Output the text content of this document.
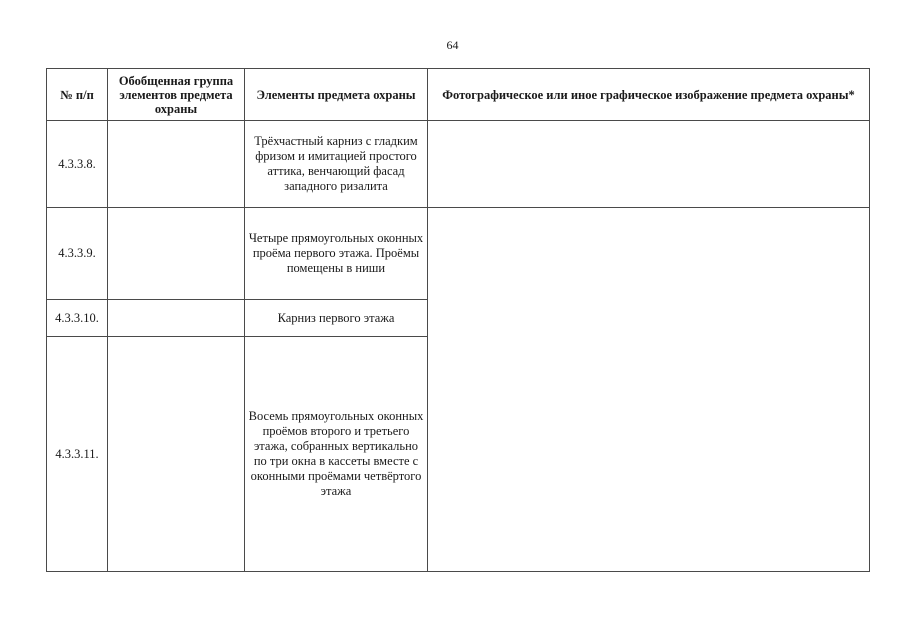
64
№ п/п	Обобщенная группа элементов предмета охраны	Элементы предмета охраны	Фотографическое или иное графическое изображение предмета охраны*
4.3.3.8.		Трёхчастный карниз с гладким фризом и имитацией простого аттика, венчающий фасад западного ризалита	
4.3.3.9.		Четыре прямоугольных оконных проёма первого этажа. Проёмы помещены в ниши	
4.3.3.10.		Карниз первого этажа	
4.3.3.11.		Восемь прямоугольных оконных проёмов второго и третьего этажа, собранных вертикально по три окна в кассеты вместе с оконными проёмами четвёртого этажа	
